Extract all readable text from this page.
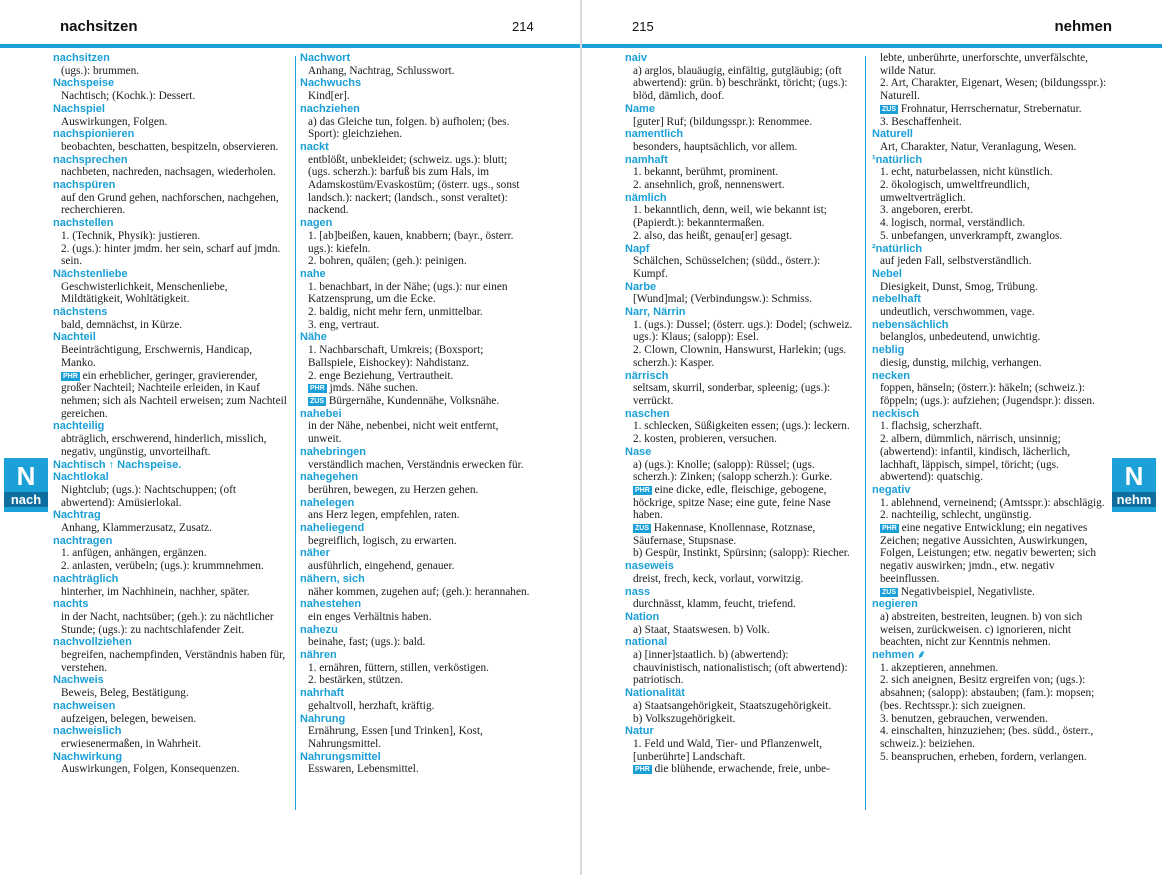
nachsitzen	214
nachsitzen
(ugs.): brummen.
Nachspeise
Nachtisch; (Kochk.): Dessert.
Nachspiel
Auswirkungen, Folgen.
nachspionieren
beobachten, beschatten, bespitzeln, observieren.
nachsprechen
nachbeten, nachreden, nachsagen, wiederholen.
nachspüren
auf den Grund gehen, nachforschen, nachgehen, recherchieren.
nachstellen
1. (Technik, Physik): justieren.
2. (ugs.): hinter jmdm. her sein, scharf auf jmdn. sein.
Nächstenliebe
Geschwisterlichkeit, Menschenliebe, Mildtätigkeit, Wohltätigkeit.
nächstens
bald, demnächst, in Kürze.
Nachteil
Beeinträchtigung, Erschwernis, Handicap, Manko.
PHR ein erheblicher, geringer, gravierender, großer Nachteil; Nachteile erleiden, in Kauf nehmen; sich als Nachteil erweisen; zum Nachteil gereichen.
nachteilig
abträglich, erschwerend, hinderlich, misslich, negativ, ungünstig, unvorteilhaft.
Nachtisch ↑ Nachspeise.
Nachtlokal
Nightclub; (ugs.): Nachtschuppen; (oft abwertend): Amüsierlokal.
Nachtrag
Anhang, Klammerzusatz, Zusatz.
nachtragen
1. anfügen, anhängen, ergänzen.
2. anlasten, verübeln; (ugs.): krummnehmen.
nachträglich
hinterher, im Nachhinein, nachher, später.
nachts
in der Nacht, nachtsüber; (geh.): zu nächtlicher Stunde; (ugs.): zu nachtschlafender Zeit.
nachvollziehen
begreifen, nachempfinden, Verständnis haben für, verstehen.
Nachweis
Beweis, Beleg, Bestätigung.
nachweisen
aufzeigen, belegen, beweisen.
nachweislich
erwiesenermaßen, in Wahrheit.
Nachwirkung
Auswirkungen, Folgen, Konsequenzen.
Nachwort
Anhang, Nachtrag, Schlusswort.
Nachwuchs
Kind[er].
nachziehen
a) das Gleiche tun, folgen. b) aufholen; (bes. Sport): gleichziehen.
nackt
entblößt, unbekleidet; (schweiz. ugs.): blutt; (ugs. scherzh.): barfuß bis zum Hals, im Adamskostüm/Evaskostüm; (österr. ugs., sonst landsch.): nackert; (landsch., sonst veraltet): nackend.
nagen
1. [ab]beißen, kauen, knabbern; (bayr., österr. ugs.): kiefeln.
2. bohren, quälen; (geh.): peinigen.
nahe
1. benachbart, in der Nähe; (ugs.): nur einen Katzensprung, um die Ecke.
2. baldig, nicht mehr fern, unmittelbar.
3. eng, vertraut.
Nähe
1. Nachbarschaft, Umkreis; (Boxsport; Ballspiele, Eishockey): Nahdistanz.
2. enge Beziehung, Vertrautheit.
PHR jmds. Nähe suchen.
ZUS Bürgernähe, Kundennähe, Volksnähe.
nahebei
in der Nähe, nebenbei, nicht weit entfernt, unweit.
nahebringen
verständlich machen, Verständnis erwecken für.
nahegehen
berühren, bewegen, zu Herzen gehen.
nahelegen
ans Herz legen, empfehlen, raten.
naheliegend
begreiflich, logisch, zu erwarten.
näher
ausführlich, eingehend, genauer.
nähern, sich
näher kommen, zugehen auf; (geh.): herannahen.
nahestehen
ein enges Verhältnis haben.
nahezu
beinahe, fast; (ugs.): bald.
nähren
1. ernähren, füttern, stillen, verköstigen.
2. bestärken, stützen.
nahrhaft
gehaltvoll, herzhaft, kräftig.
Nahrung
Ernährung, Essen [und Trinken], Kost, Nahrungsmittel.
Nahrungsmittel
Esswaren, Lebensmittel.
N
nach
215	nehmen
naiv
a) arglos, blauäugig, einfältig, gutgläubig; (oft abwertend): grün. b) beschränkt, töricht; (ugs.): blöd, dämlich, doof.
Name
[guter] Ruf; (bildungsspr.): Renommee.
namentlich
besonders, hauptsächlich, vor allem.
namhaft
1. bekannt, berühmt, prominent.
2. ansehnlich, groß, nennenswert.
nämlich
1. bekanntlich, denn, weil, wie bekannt ist; (Papierdt.): bekanntermaßen.
2. also, das heißt, genau[er] gesagt.
Napf
Schälchen, Schüsselchen; (südd., österr.): Kumpf.
Narbe
[Wund]mal; (Verbindungsw.): Schmiss.
Narr, Närrin
1. (ugs.): Dussel; (österr. ugs.): Dodel; (schweiz. ugs.): Klaus; (salopp): Esel.
2. Clown, Clownin, Hanswurst, Harlekin; (ugs. scherzh.): Kasper.
närrisch
seltsam, skurril, sonderbar, spleenig; (ugs.): verrückt.
naschen
1. schlecken, Süßigkeiten essen; (ugs.): leckern.
2. kosten, probieren, versuchen.
Nase
a) (ugs.): Knolle; (salopp): Rüssel; (ugs. scherzh.): Zinken; (salopp scherzh.): Gurke.
PHR eine dicke, edle, fleischige, gebogene, höckrige, spitze Nase; eine gute, feine Nase haben.
ZUS Hakennase, Knollennase, Rotznase, Säufernase, Stupsnase.
b) Gespür, Instinkt, Spürsinn; (salopp): Riecher.
naseweis
dreist, frech, keck, vorlaut, vorwitzig.
nass
durchnässt, klamm, feucht, triefend.
Nation
a) Staat, Staatswesen. b) Volk.
national
a) [inner]staatlich. b) (abwertend): chauvinistisch, nationalistisch; (oft abwertend): patriotisch.
Nationalität
a) Staatsangehörigkeit, Staatszugehörigkeit.
b) Volkszugehörigkeit.
Natur
1. Feld und Wald, Tier- und Pflanzenwelt, [unberührte] Landschaft.
PHR die blühende, erwachende, freie, unbe-
lebte, unberührte, unerforschte, unverfälschte, wilde Natur.
2. Art, Charakter, Eigenart, Wesen; (bildungsspr.): Naturell.
ZUS Frohnatur, Herrschernatur, Strebernatur.
3. Beschaffenheit.
Naturell
Art, Charakter, Natur, Veranlagung, Wesen.
¹natürlich
1. echt, naturbelassen, nicht künstlich.
2. ökologisch, umweltfreundlich, umweltverträglich.
3. angeboren, ererbt.
4. logisch, normal, verständlich.
5. unbefangen, unverkrampft, zwanglos.
²natürlich
auf jeden Fall, selbstverständlich.
Nebel
Diesigkeit, Dunst, Smog, Trübung.
nebelhaft
undeutlich, verschwommen, vage.
nebensächlich
belanglos, unbedeutend, unwichtig.
neblig
diesig, dunstig, milchig, verhangen.
necken
foppen, hänseln; (österr.): häkeln; (schweiz.): föppeln; (ugs.): aufziehen; (Jugendspr.): dissen.
neckisch
1. flachsig, scherzhaft.
2. albern, dümmlich, närrisch, unsinnig; (abwertend): infantil, kindisch, lächerlich, lachhaft, läppisch, simpel, töricht; (ugs. abwertend): quatschig.
negativ
1. ablehnend, verneinend; (Amtsspr.): abschlägig.
2. nachteilig, schlecht, ungünstig.
PHR eine negative Entwicklung; ein negatives Zeichen; negative Aussichten, Auswirkungen, Folgen, Leistungen; etw. negativ bewerten; sich negativ auswirken; jmdn., etw. negativ beeinflussen.
ZUS Negativbeispiel, Negativliste.
negieren
a) abstreiten, bestreiten, leugnen. b) von sich weisen, zurückweisen. c) ignorieren, nicht beachten, nicht zur Kenntnis nehmen.
nehmen ⸙
1. akzeptieren, annehmen.
2. sich aneignen, Besitz ergreifen von; (ugs.): absahnen; (salopp): abstauben; (fam.): mopsen; (bes. Rechtsspr.): sich zueignen.
3. benutzen, gebrauchen, verwenden.
4. einschalten, hinzuziehen; (bes. südd., österr., schweiz.): beiziehen.
5. beanspruchen, erheben, fordern, verlangen.
N
nehm
